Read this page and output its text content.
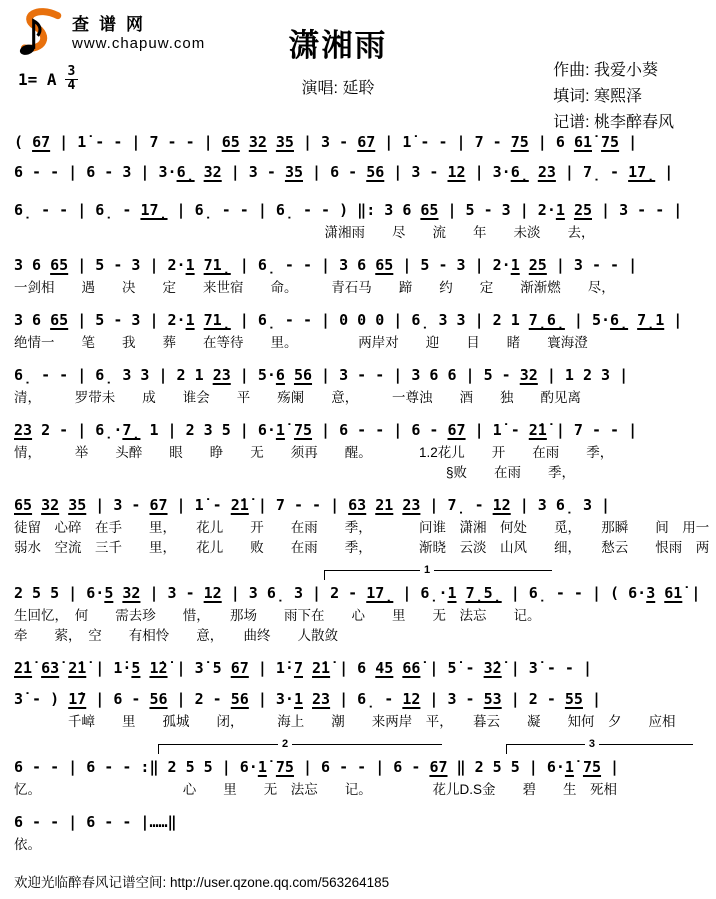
查谱网
www.chapuw.com	潇湘雨
演唱: 延聆
作曲: 我爱小葵
填词: 寒熙泽
记谱: 桃李醉春风
1= A $\frac{3}{4}$
( 67 | 1̇ - - | 7 - - | 65 32 35 | 3 - 67 | 1̇ - - | 7 - 75 | 6 61̇ 75 |
6 - - | 6 - 3 | 3·6̣ 32 | 3 - 35 | 6 - 56 | 3 - 12 | 3·6̣ 23 | 7̣ - 17̣ |
6̣ - - | 6̣ - 17̣ | 6̣ - - | 6̣ - - ) ‖: 3 6 65 | 5 - 3 | 2·1 25 | 3 - - |
　　　　　　　　　　　　　　　　　　　　　　　潇湘雨　　尽　　流　　年　　未淡　　去，
3 6 65 | 5 - 3 | 2·1 71̣ | 6̣ - - | 3 6 65 | 5 - 3 | 2·1 25 | 3 - - |
一剑相　　遇　　决　　定　　来世宿　　命。　　　青石马　　蹄　　约　　定　　渐渐燃　　尽，
3 6 65 | 5 - 3 | 2·1 71̣ | 6̣ - - | 0 0 0 | 6̣ 3 3 | 2 1 7̣6̣ | 5·6̣ 7̣1 |
绝情一　　笔　　我　　葬　　在等待　　里。　　　　　两岸对　　迎　　目　　睹　　寰海澄
6̣ - - | 6̣ 3 3 | 2 1 23 | 5·6 56 | 3 - - | 3 6 6 | 5 - 32 | 1 2 3 |
清，　　　罗带未　　成　　谁会　　平　　殇阑　　意，　　　一尊浊　　酒　　独　　酌见离
23 2 - | 6̣·7̣ 1 | 2 3 5 | 6·1̇ 75 | 6 - - | 6 - 67 | 1̇ - 2̇1̇ | 7 - - |
情，　　　举　　头醉　　眼　　睁　　无　　须再　　醒。　　　　1.2花儿　　开　　在雨　　季，
　　　　　　　　　　　　　　　　　　　　　　　　　　　　　　　　§败　　在雨　　季，
65 32 35 | 3 - 67 | 1̇ - 2̇1̇ | 7 - - | 63 21 23 | 7̣ - 12 | 3 6̣ 3 |
徒留　心碎　在手　　里，　　花儿　　开　　在雨　　季，　　　　问谁　潇湘　何处　　觅，　　那瞬　　间　用一
弱水　空流　三千　　里，　　花儿　　败　　在雨　　季，　　　　渐晓　云淡　山风　　细，　　愁云　　恨雨　两
1
2 5 5 | 6·5 32 | 3 - 12 | 3 6̣ 3 | 2 - 17̣ | 6̣·1 7̣5̣ | 6̣ - - | ( 6·3 61̇ |
生回忆，　何　　需去珍　　惜，　　那场　　雨下在　　心　　里　　无　法忘　　记。
牵　　萦，　空　　有相怜　　意，　　曲终　　人散敛
2̇1̇ 63̇ 2̇1̇ | 1̇·5 1̇2̇ | 3̇ 5 67 | 1̇·7 2̇1̇ | 6 45 66̇ | 5̇ - 3̇2̇ | 3̇ - - |
3̇ - ) 1̇7 | 6 - 56 | 2 - 56 | 3·1 23 | 6̣ - 12 | 3 - 53 | 2 - 55 |
　　　　千嶂　　里　　孤城　　闭，　　　海上　　潮　　来两岸　平，　　暮云　　凝　　知何　夕　　应相
2	3
6 - - | 6 - - :‖ 2 5 5 | 6·1̇ 75 | 6 - - | 6 - 67 ‖ 2 5 5 | 6·1̇ 75 |
忆。　　　　　　　　　　　心　　里　　无　法忘　　记。　　　　　花儿D.S金　　碧　　生　死相
6 - - | 6 - - |……‖
依。
欢迎光临醉春风记谱空间: http://user.qzone.qq.com/563264185
